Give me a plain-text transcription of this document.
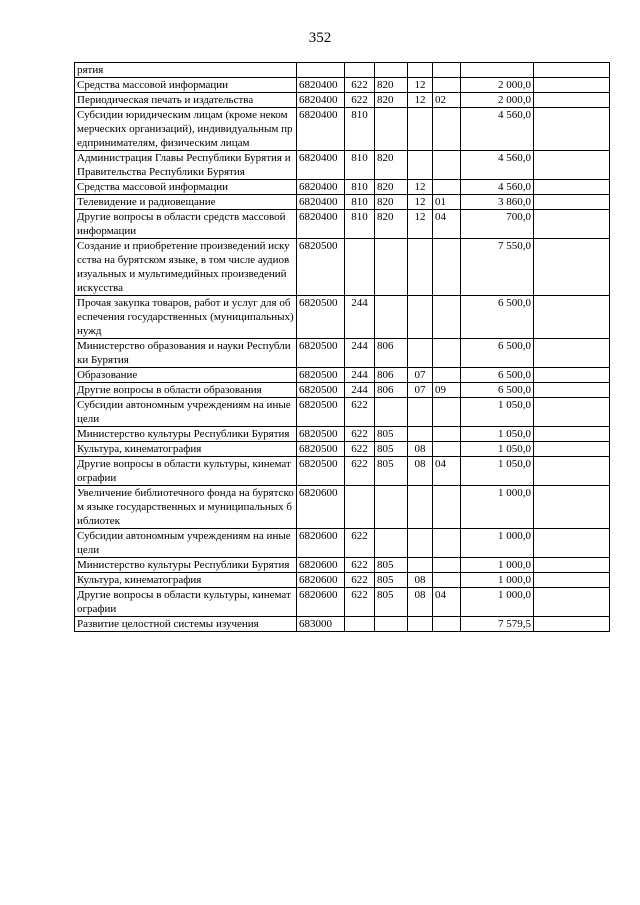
352
рятия							
Средства массовой информации	6820400	622	820	12		2 000,0	
Периодическая печать и издательства	6820400	622	820	12	02	2 000,0	
Субсидии юридическим лицам (кроме некоммерческих организаций), индивидуальным предпринимателям, физическим лицам	6820400	810				4 560,0	
Администрация Главы Республики Бурятия и Правительства Республики Бурятия	6820400	810	820			4 560,0	
Средства массовой информации	6820400	810	820	12		4 560,0	
Телевидение и радиовещание	6820400	810	820	12	01	3 860,0	
Другие вопросы в области средств массовой информации	6820400	810	820	12	04	700,0	
Создание и приобретение произведений искусства на бурятском языке, в том числе аудиовизуальных и мультимедийных произведений искусства	6820500					7 550,0	
Прочая закупка товаров, работ и услуг для обеспечения государственных (муниципальных) нужд	6820500	244				6 500,0	
Министерство образования и науки Республики Бурятия	6820500	244	806			6 500,0	
Образование	6820500	244	806	07		6 500,0	
Другие вопросы в области образования	6820500	244	806	07	09	6 500,0	
Субсидии автономным учреждениям на иные цели	6820500	622				1 050,0	
Министерство культуры Республики Бурятия	6820500	622	805			1 050,0	
Культура, кинематография	6820500	622	805	08		1 050,0	
Другие вопросы в области культуры, кинематографии	6820500	622	805	08	04	1 050,0	
Увеличение библиотечного фонда на бурятском языке государственных и муниципальных библиотек	6820600					1 000,0	
Субсидии автономным учреждениям на иные цели	6820600	622				1 000,0	
Министерство культуры Республики Бурятия	6820600	622	805			1 000,0	
Культура, кинематография	6820600	622	805	08		1 000,0	
Другие вопросы в области культуры, кинематографии	6820600	622	805	08	04	1 000,0	
Развитие целостной системы изучения	683000					7 579,5	
